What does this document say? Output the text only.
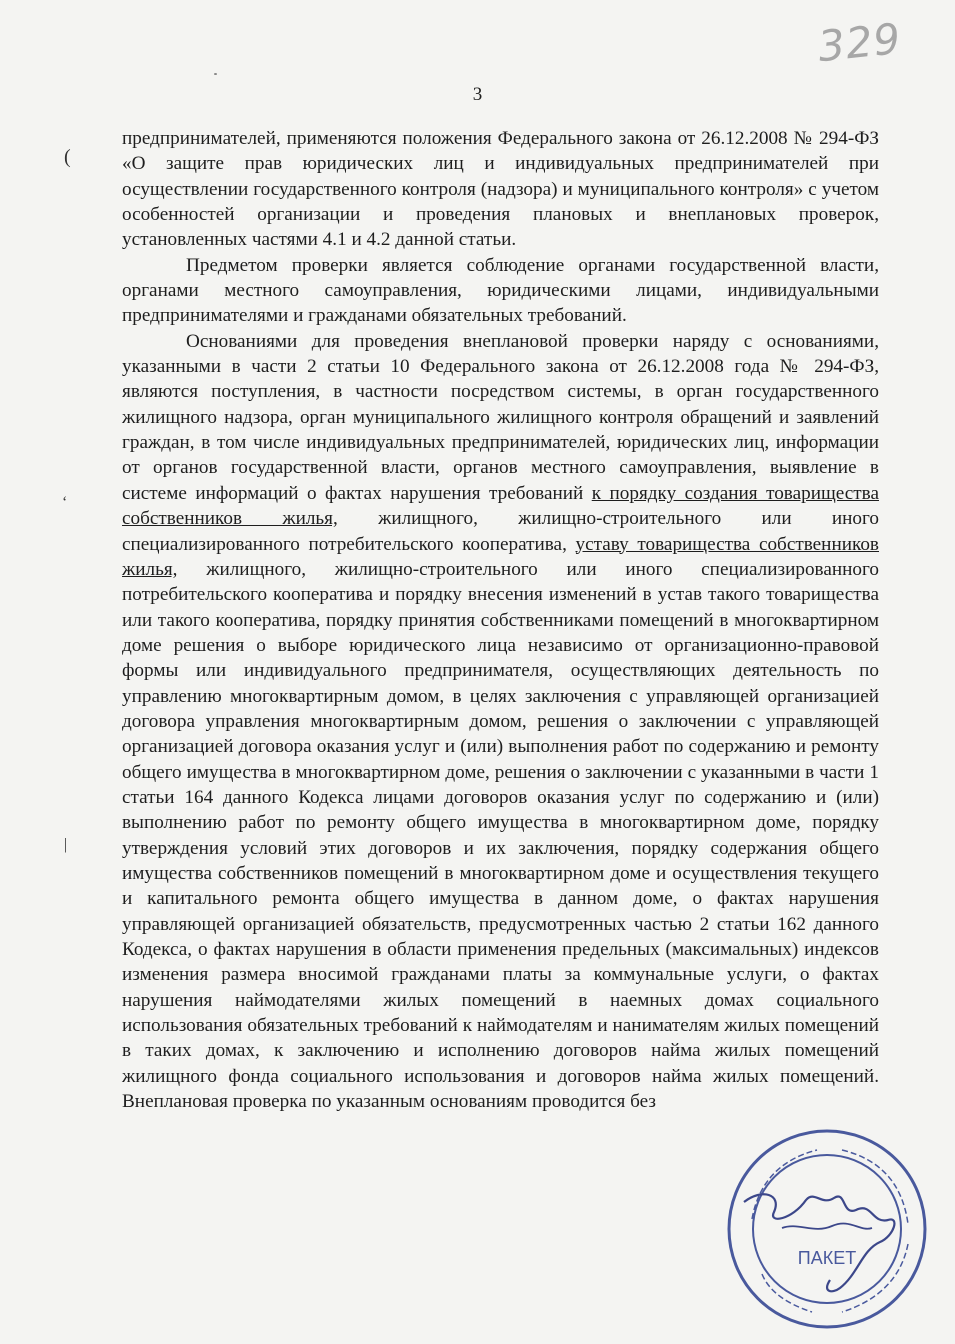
329
3

предпринимателей, применяются положения Федерального закона от 26.12.2008 № 294-ФЗ «О защите прав юридических лиц и индивидуальных предпринимателей при осуществлении государственного контроля (надзора) и муниципального контроля» с учетом особенностей организации и проведения плановых и внеплановых проверок, установленных частями 4.1 и 4.2 данной статьи.

Предметом проверки является соблюдение органами государственной власти, органами местного самоуправления, юридическими лицами, индивидуальными предпринимателями и гражданами обязательных требований.

Основаниями для проведения внеплановой проверки наряду с основаниями, указанными в части 2 статьи 10 Федерального закона от 26.12.2008 года № 294-ФЗ, являются поступления, в частности посредством системы, в орган государственного жилищного надзора, орган муниципального жилищного контроля обращений и заявлений граждан, в том числе индивидуальных предпринимателей, юридических лиц, информации от органов государственной власти, органов местного самоуправления, выявление в системе информаций о фактах нарушения требований к порядку создания товарищества собственников жилья, жилищного, жилищно-строительного или иного специализированного потребительского кооператива, уставу товарищества собственников жилья, жилищного, жилищно-строительного или иного специализированного потребительского кооператива и порядку внесения изменений в устав такого товарищества или такого кооператива, порядку принятия собственниками помещений в многоквартирном доме решения о выборе юридического лица независимо от организационно-правовой формы или индивидуального предпринимателя, осуществляющих деятельность по управлению многоквартирным домом, в целях заключения с управляющей организацией договора управления многоквартирным домом, решения о заключении с управляющей организацией договора оказания услуг и (или) выполнения работ по содержанию и ремонту общего имущества в многоквартирном доме, решения о заключении с указанными в части 1 статьи 164 данного Кодекса лицами договоров оказания услуг по содержанию и (или) выполнению работ по ремонту общего имущества в многоквартирном доме, порядку утверждения условий этих договоров и их заключения, порядку содержания общего имущества собственников помещений в многоквартирном доме и осуществления текущего и капитального ремонта общего имущества в данном доме, о фактах нарушения управляющей организацией обязательств, предусмотренных частью 2 статьи 162 данного Кодекса, о фактах нарушения в области применения предельных (максимальных) индексов изменения размера вносимой гражданами платы за коммунальные услуги, о фактах нарушения наймодателями жилых помещений в наемных домах социального использования обязательных требований к наймодателям и нанимателям жилых помещений в таких домах, к заключению и исполнению договоров найма жилых помещений жилищного фонда социального использования и договоров найма жилых помещений. Внеплановая проверка по указанным основаниям проводится без

(
‘
|
ПАКЕТ
